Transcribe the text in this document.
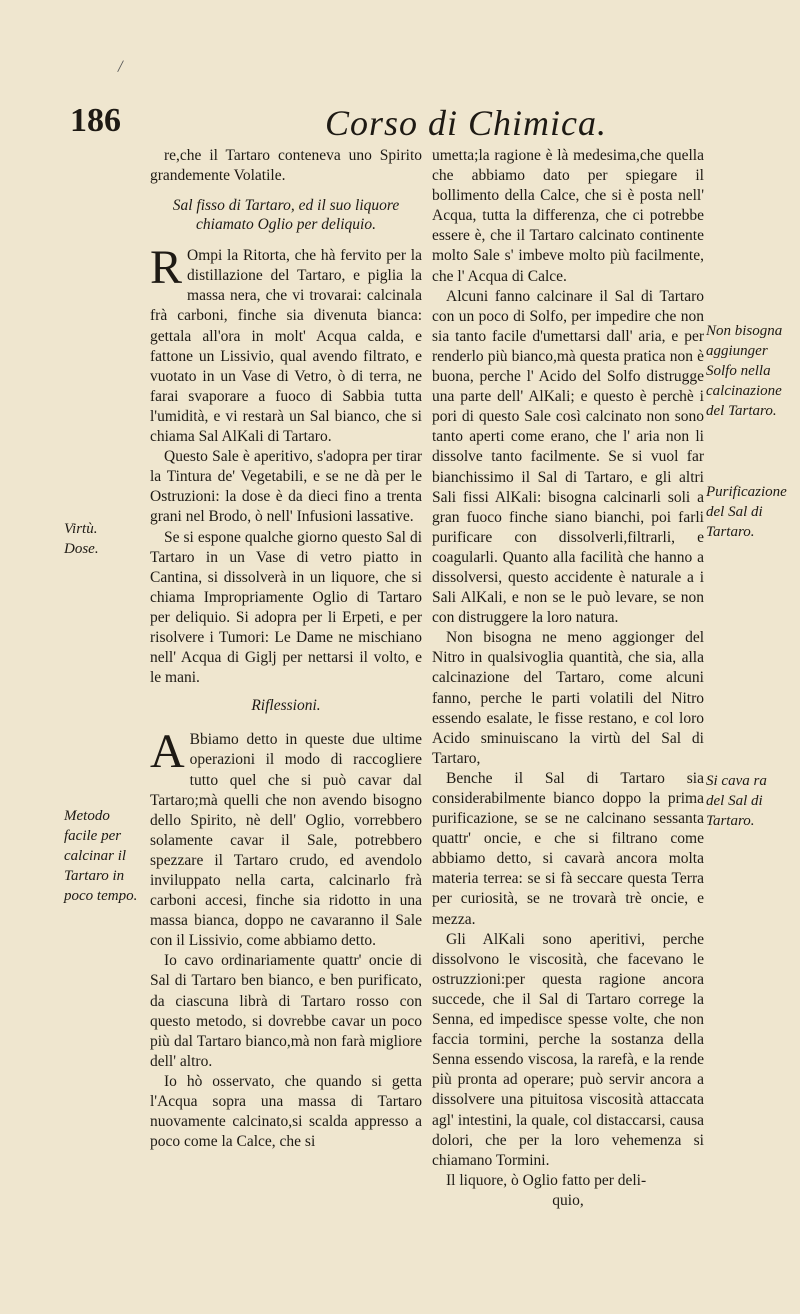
/
186	Corso di Chimica.
Virtù.
Dose.
Metodo facile per calcinar il Tartaro in poco tempo.
Non bisogna aggiunger Solfo nella calcinazione del Tartaro.
Purificazione del Sal di Tartaro.
Si cava ra del Sal di Tartaro.

re,che il Tartaro conteneva uno Spirito grandemente Volatile.

Sal fisso di Tartaro, ed il suo liquore chiamato Oglio per deliquio.

R Ompi la Ritorta, che hà fervito per la distillazione del Tartaro, e piglia la massa nera, che vi trovarai: calcinala frà carboni, finche sia divenuta bianca: gettala all'ora in molt' Acqua calda, e fattone un Lissivio, qual avendo filtrato, e vuotato in un Vase di Vetro, ò di terra, ne farai svaporare a fuoco di Sabbia tutta l'umidità, e vi restarà un Sal bianco, che si chiama Sal AlKali di Tartaro.

Questo Sale è aperitivo, s'adopra per tirar la Tintura de' Vegetabili, e se ne dà per le Ostruzioni: la dose è da dieci fino a trenta grani nel Brodo, ò nell' Infusioni lassative.

Se si espone qualche giorno questo Sal di Tartaro in un Vase di vetro piatto in Cantina, si dissolverà in un liquore, che si chiama Impropriamente Oglio di Tartaro per deliquio. Si adopra per li Erpeti, e per risolvere i Tumori: Le Dame ne mischiano nell' Acqua di Giglj per nettarsi il volto, e le mani.

Riflessioni.

A Bbiamo detto in queste due ultime operazioni il modo di raccogliere tutto quel che si può cavar dal Tartaro;mà quelli che non avendo bisogno dello Spirito, nè dell' Oglio, vorrebbero solamente cavar il Sale, potrebbero spezzare il Tartaro crudo, ed avendolo inviluppato nella carta, calcinarlo frà carboni accesi, finche sia ridotto in una massa bianca, doppo ne cavaranno il Sale con il Lissivio, come abbiamo detto.

Io cavo ordinariamente quattr' oncie di Sal di Tartaro ben bianco, e ben purificato, da ciascuna librà di Tartaro rosso con questo metodo, si dovrebbe cavar un poco più dal Tartaro bianco,mà non farà migliore dell' altro.

Io hò osservato, che quando si getta l'Acqua sopra una massa di Tartaro nuovamente calcinato,si scalda appresso a poco come la Calce, che si

umetta;la ragione è là medesima,che quella che abbiamo dato per spiegare il bollimento della Calce, che si è posta nell' Acqua, tutta la differenza, che ci potrebbe essere è, che il Tartaro calcinato continente molto Sale s' imbeve molto più facilmente, che l' Acqua di Calce.

Alcuni fanno calcinare il Sal di Tartaro con un poco di Solfo, per impedire che non sia tanto facile d'umettarsi dall' aria, e per renderlo più bianco,mà questa pratica non è buona, perche l' Acido del Solfo distrugge una parte dell' AlKali; e questo è perchè i pori di questo Sale così calcinato non sono tanto aperti come erano, che l' aria non li dissolve tanto facilmente. Se si vuol far bianchissimo il Sal di Tartaro, e gli altri Sali fissi AlKali: bisogna calcinarli soli a gran fuoco finche siano bianchi, poi farli purificare con dissolverli,filtrarli, e coagularli. Quanto alla facilità che hanno a dissolversi, questo accidente è naturale a i Sali AlKali, e non se le può levare, se non con distruggere la loro natura.

Non bisogna ne meno aggionger del Nitro in qualsivoglia quantità, che sia, alla calcinazione del Tartaro, come alcuni fanno, perche le parti volatili del Nitro essendo esalate, le fisse restano, e col loro Acido sminuiscano la virtù del Sal di Tartaro,

Benche il Sal di Tartaro sia considerabilmente bianco doppo la prima purificazione, se se ne calcinano sessanta quattr' oncie, e che si filtrano come abbiamo detto, si cavarà ancora molta materia terrea: se si fà seccare questa Terra per curiosità, se ne trovarà trè oncie, e mezza.

Gli AlKali sono aperitivi, perche dissolvono le viscosità, che facevano le ostruzzioni:per questa ragione ancora succede, che il Sal di Tartaro correge la Senna, ed impedisce spesse volte, che non faccia tormini, perche la sostanza della Senna essendo viscosa, la rarefà, e la rende più pronta ad operare; può servir ancora a dissolvere una pituitosa viscosità attaccata agl' intestini, la quale, col distaccarsi, causa dolori, che per la loro vehemenza si chiamano Tormini.

Il liquore, ò Oglio fatto per deli-

quio,
